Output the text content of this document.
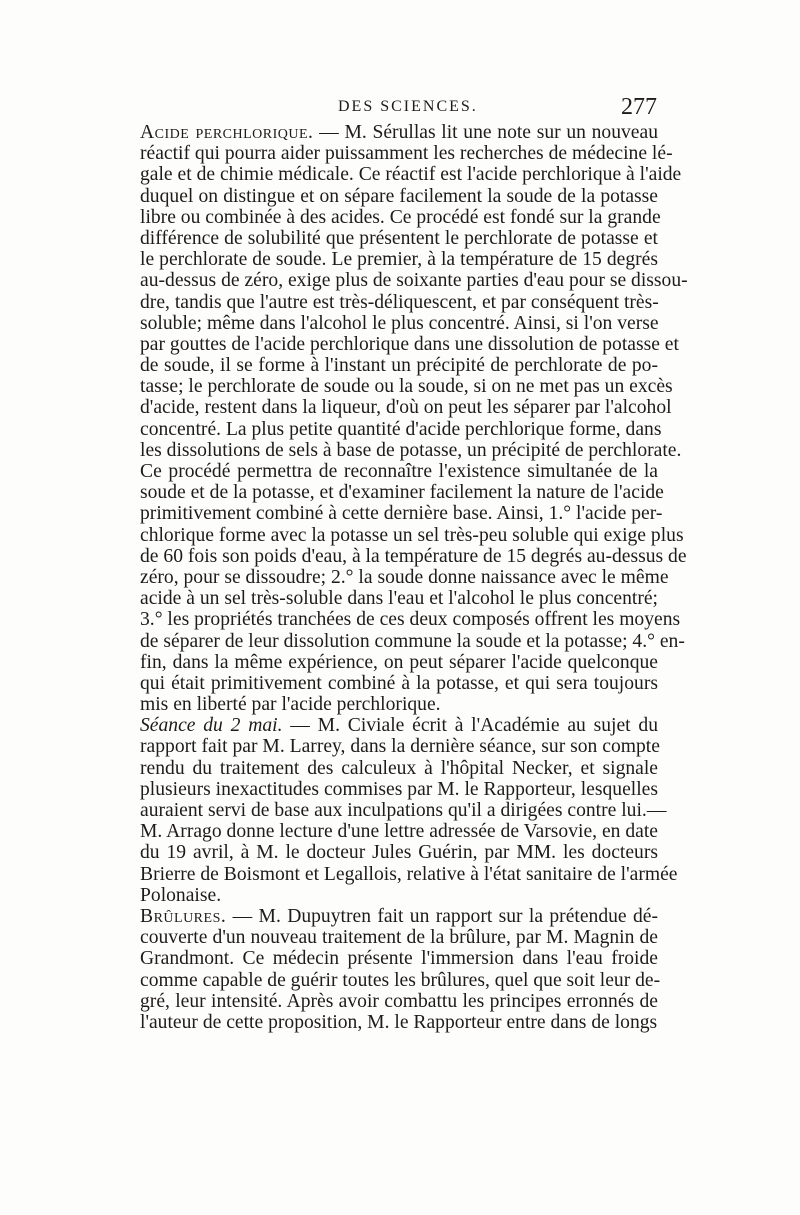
DES SCIENCES.	277
Acide perchlorique. — M. Sérullas lit une note sur un nouveau
réactif qui pourra aider puissamment les recherches de médecine lé-
gale et de chimie médicale. Ce réactif est l'acide perchlorique à l'aide
duquel on distingue et on sépare facilement la soude de la potasse
libre ou combinée à des acides. Ce procédé est fondé sur la grande
différence de solubilité que présentent le perchlorate de potasse et
le perchlorate de soude. Le premier, à la température de 15 degrés
au-dessus de zéro, exige plus de soixante parties d'eau pour se dissou-
dre, tandis que l'autre est très-déliquescent, et par conséquent très-
soluble; même dans l'alcohol le plus concentré. Ainsi, si l'on verse
par gouttes de l'acide perchlorique dans une dissolution de potasse et
de soude, il se forme à l'instant un précipité de perchlorate de po-
tasse; le perchlorate de soude ou la soude, si on ne met pas un excès
d'acide, restent dans la liqueur, d'où on peut les séparer par l'alcohol
concentré. La plus petite quantité d'acide perchlorique forme, dans
les dissolutions de sels à base de potasse, un précipité de perchlorate.
Ce procédé permettra de reconnaître l'existence simultanée de la
soude et de la potasse, et d'examiner facilement la nature de l'acide
primitivement combiné à cette dernière base. Ainsi, 1.° l'acide per-
chlorique forme avec la potasse un sel très-peu soluble qui exige plus
de 60 fois son poids d'eau, à la température de 15 degrés au-dessus de
zéro, pour se dissoudre; 2.° la soude donne naissance avec le même
acide à un sel très-soluble dans l'eau et l'alcohol le plus concentré;
3.° les propriétés tranchées de ces deux composés offrent les moyens
de séparer de leur dissolution commune la soude et la potasse; 4.° en-
fin, dans la même expérience, on peut séparer l'acide quelconque
qui était primitivement combiné à la potasse, et qui sera toujours
mis en liberté par l'acide perchlorique.
Séance du 2 mai. — M. Civiale écrit à l'Académie au sujet du
rapport fait par M. Larrey, dans la dernière séance, sur son compte
rendu du traitement des calculeux à l'hôpital Necker, et signale
plusieurs inexactitudes commises par M. le Rapporteur, lesquelles
auraient servi de base aux inculpations qu'il a dirigées contre lui.—
M. Arrago donne lecture d'une lettre adressée de Varsovie, en date
du 19 avril, à M. le docteur Jules Guérin, par MM. les docteurs
Brierre de Boismont et Legallois, relative à l'état sanitaire de l'armée
Polonaise.
Brûlures. — M. Dupuytren fait un rapport sur la prétendue dé-
couverte d'un nouveau traitement de la brûlure, par M. Magnin de
Grandmont. Ce médecin présente l'immersion dans l'eau froide
comme capable de guérir toutes les brûlures, quel que soit leur de-
gré, leur intensité. Après avoir combattu les principes erronnés de
l'auteur de cette proposition, M. le Rapporteur entre dans de longs
